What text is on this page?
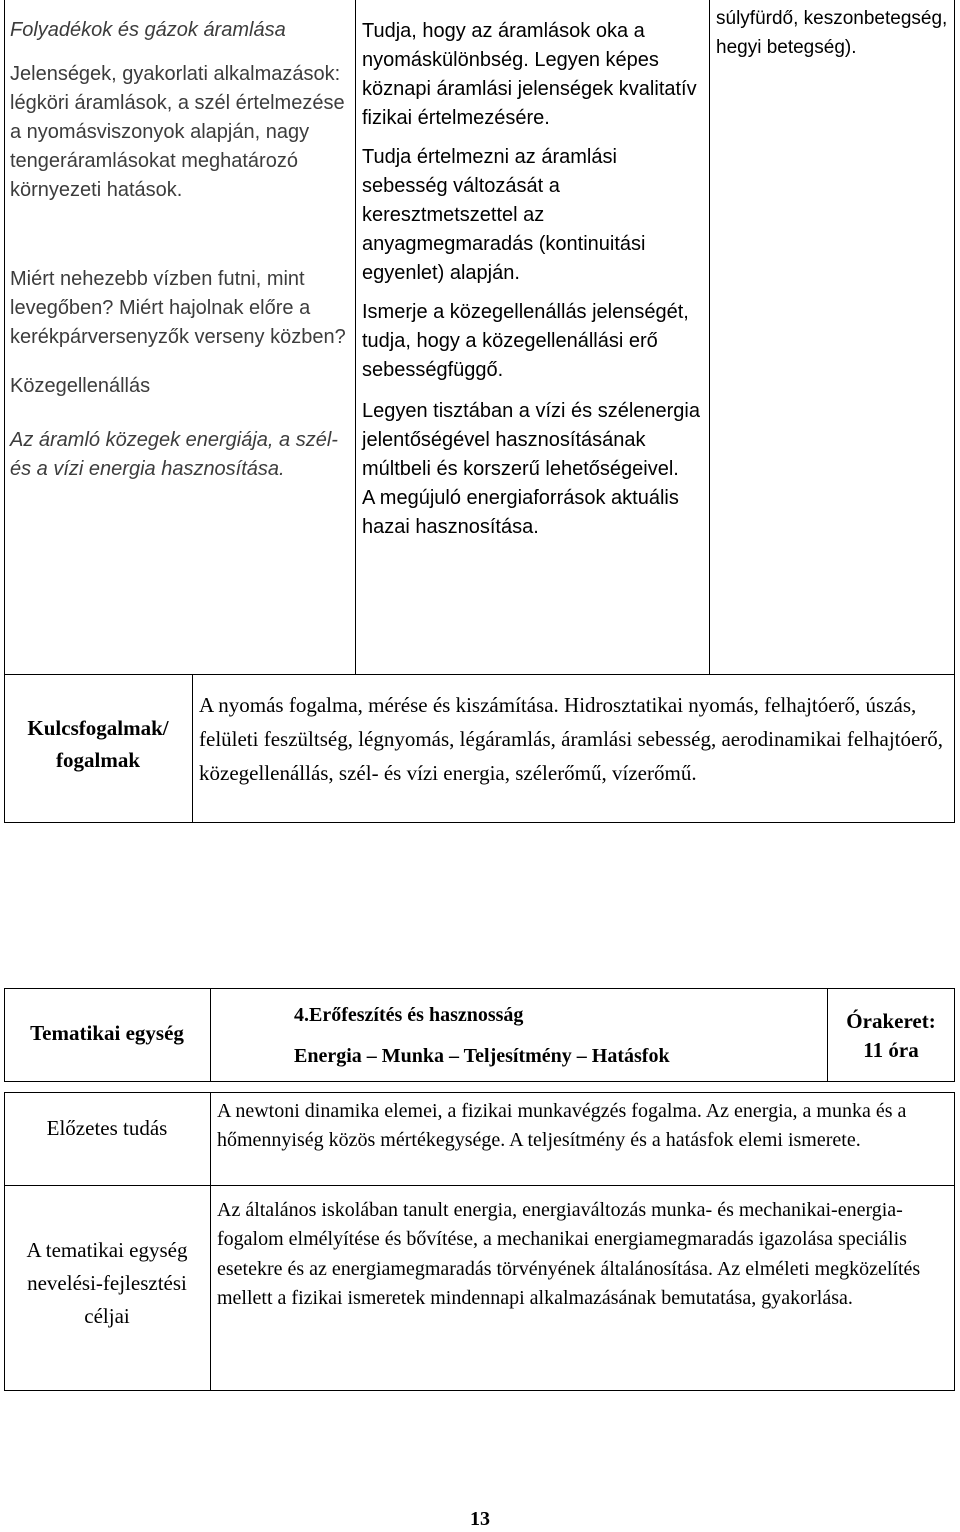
Folyadékok és gázok áramlása

Jelenségek, gyakorlati alkalmazások: légköri áramlások, a szél értelmezése a nyomásviszonyok alapján, nagy tengeráramlásokat meghatározó környezeti hatások.

Miért nehezebb vízben futni, mint levegőben? Miért hajolnak előre a kerékpárversenyzők verseny közben?

Közegellenállás

Az áramló közegek energiája, a szél- és a vízi energia hasznosítása.

Tudja, hogy az áramlások oka a nyomáskülönbség. Legyen képes köznapi áramlási jelenségek kvalitatív fizikai értelmezésére.

Tudja értelmezni az áramlási sebesség változását a keresztmetszettel az anyagmegmaradás (kontinuitási egyenlet) alapján.

Ismerje a közegellenállás jelenségét, tudja, hogy a közegellenállási erő sebességfüggő.

Legyen tisztában a vízi és szélenergia jelentőségével hasznosításának múltbeli és korszerű lehetőségeivel.

A megújuló energiaforrások aktuális hazai hasznosítása.

súlyfürdő, keszonbetegség, hegyi betegség).

Kulcsfogalmak/ fogalmak
A nyomás fogalma, mérése és kiszámítása. Hidrosztatikai nyomás, felhajtóerő, úszás, felületi feszültség, légnyomás, légáramlás, áramlási sebesség, aerodinamikai felhajtóerő, közegellenállás, szél- és vízi energia, szélerőmű, vízerőmű.
Tematikai egység
4.Erőfeszítés és hasznosság
Energia – Munka – Teljesítmény – Hatásfok
Órakeret:
11 óra
Előzetes tudás
A newtoni dinamika elemei, a fizikai munkavégzés fogalma. Az energia, a munka és a hőmennyiség közös mértékegysége. A teljesítmény és a hatásfok elemi ismerete.
A tematikai egység nevelési-fejlesztési céljai
Az általános iskolában tanult energia, energiaváltozás munka- és mechanikai-energia-fogalom elmélyítése és bővítése, a mechanikai energiamegmaradás igazolása speciális esetekre és az energiamegmaradás törvényének általánosítása. Az elméleti megközelítés mellett a fizikai ismeretek mindennapi alkalmazásának bemutatása, gyakorlása.
13
